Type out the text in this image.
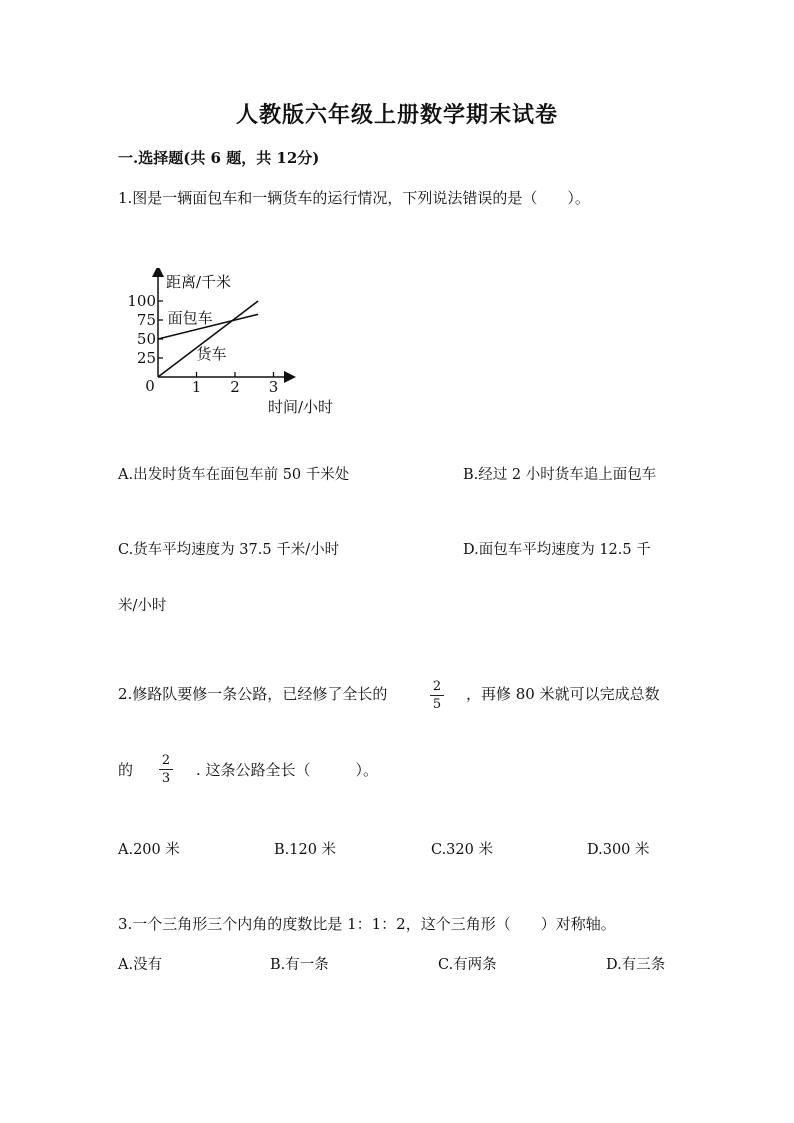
人教版六年级上册数学期末试卷
一.选择题(共 6 题，共 12分)
1.图是一辆面包车和一辆货车的运行情况，下列说法错误的是（　　）。
1 2 3
25
50
75
100
面包车
货车
距离/千米
时间/小时
0
A.出发时货车在面包车前 50 千米处	B.经过 2 小时货车追上面包车
C.货车平均速度为 37.5 千米/小时	D.面包车平均速度为 12.5 千
米/小时
2.修路队要修一条公路，已经修了全长的	2
5
，再修 80 米就可以完成总数
的
2
3 . 这条公路全长（　　　）。
A.200 米	B.120 米	C.320 米	D.300 米
3.一个三角形三个内角的度数比是 1：1：2，这个三角形（　　）对称轴。
A.没有	B.有一条	C.有两条	D.有三条
